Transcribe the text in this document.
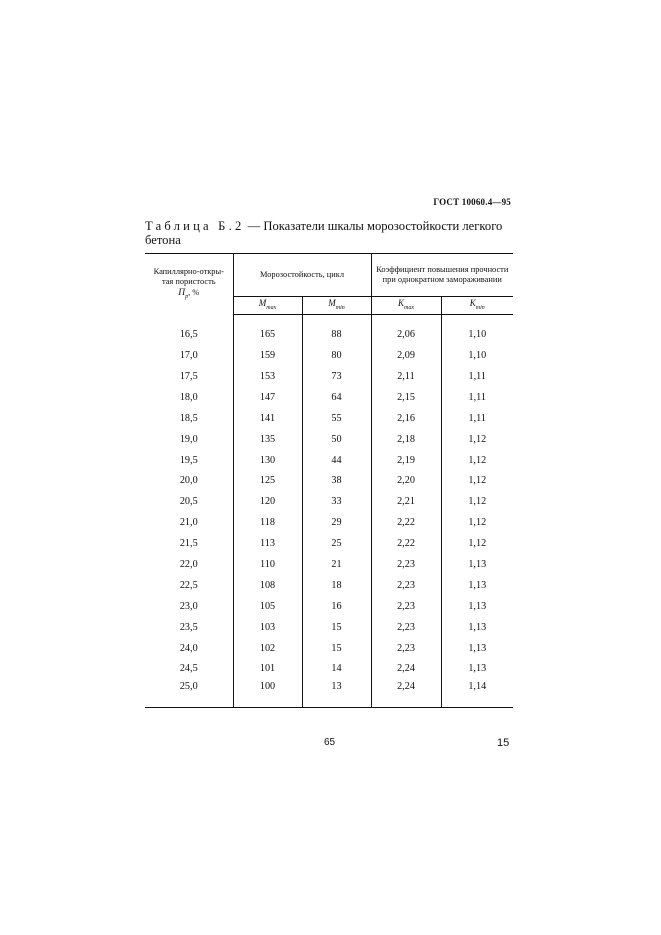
ГОСТ 10060.4—95
Таблица Б.2 — Показатели шкалы морозостойкости легкого бетона
Капиллярно-откры-
тая пористость
$П_р$, %	Морозостойкость, цикл		Коэффициент повышения прочности при однократном замораживании	
	$M_{max}$	$M_{min}$	$K_{max}$	$K_{min}$
16,5	165	88	2,06	1,10
17,0	159	80	2,09	1,10
17,5	153	73	2,11	1,11
18,0	147	64	2,15	1,11
18,5	141	55	2,16	1,11
19,0	135	50	2,18	1,12
19,5	130	44	2,19	1,12
20,0	125	38	2,20	1,12
20,5	120	33	2,21	1,12
21,0	118	29	2,22	1,12
21,5	113	25	2,22	1,12
22,0	110	21	2,23	1,13
22,5	108	18	2,23	1,13
23,0	105	16	2,23	1,13
23,5	103	15	2,23	1,13
24,0	102	15	2,23	1,13
24,5	101	14	2,24	1,13
25,0	100	13	2,24	1,14
65	15
